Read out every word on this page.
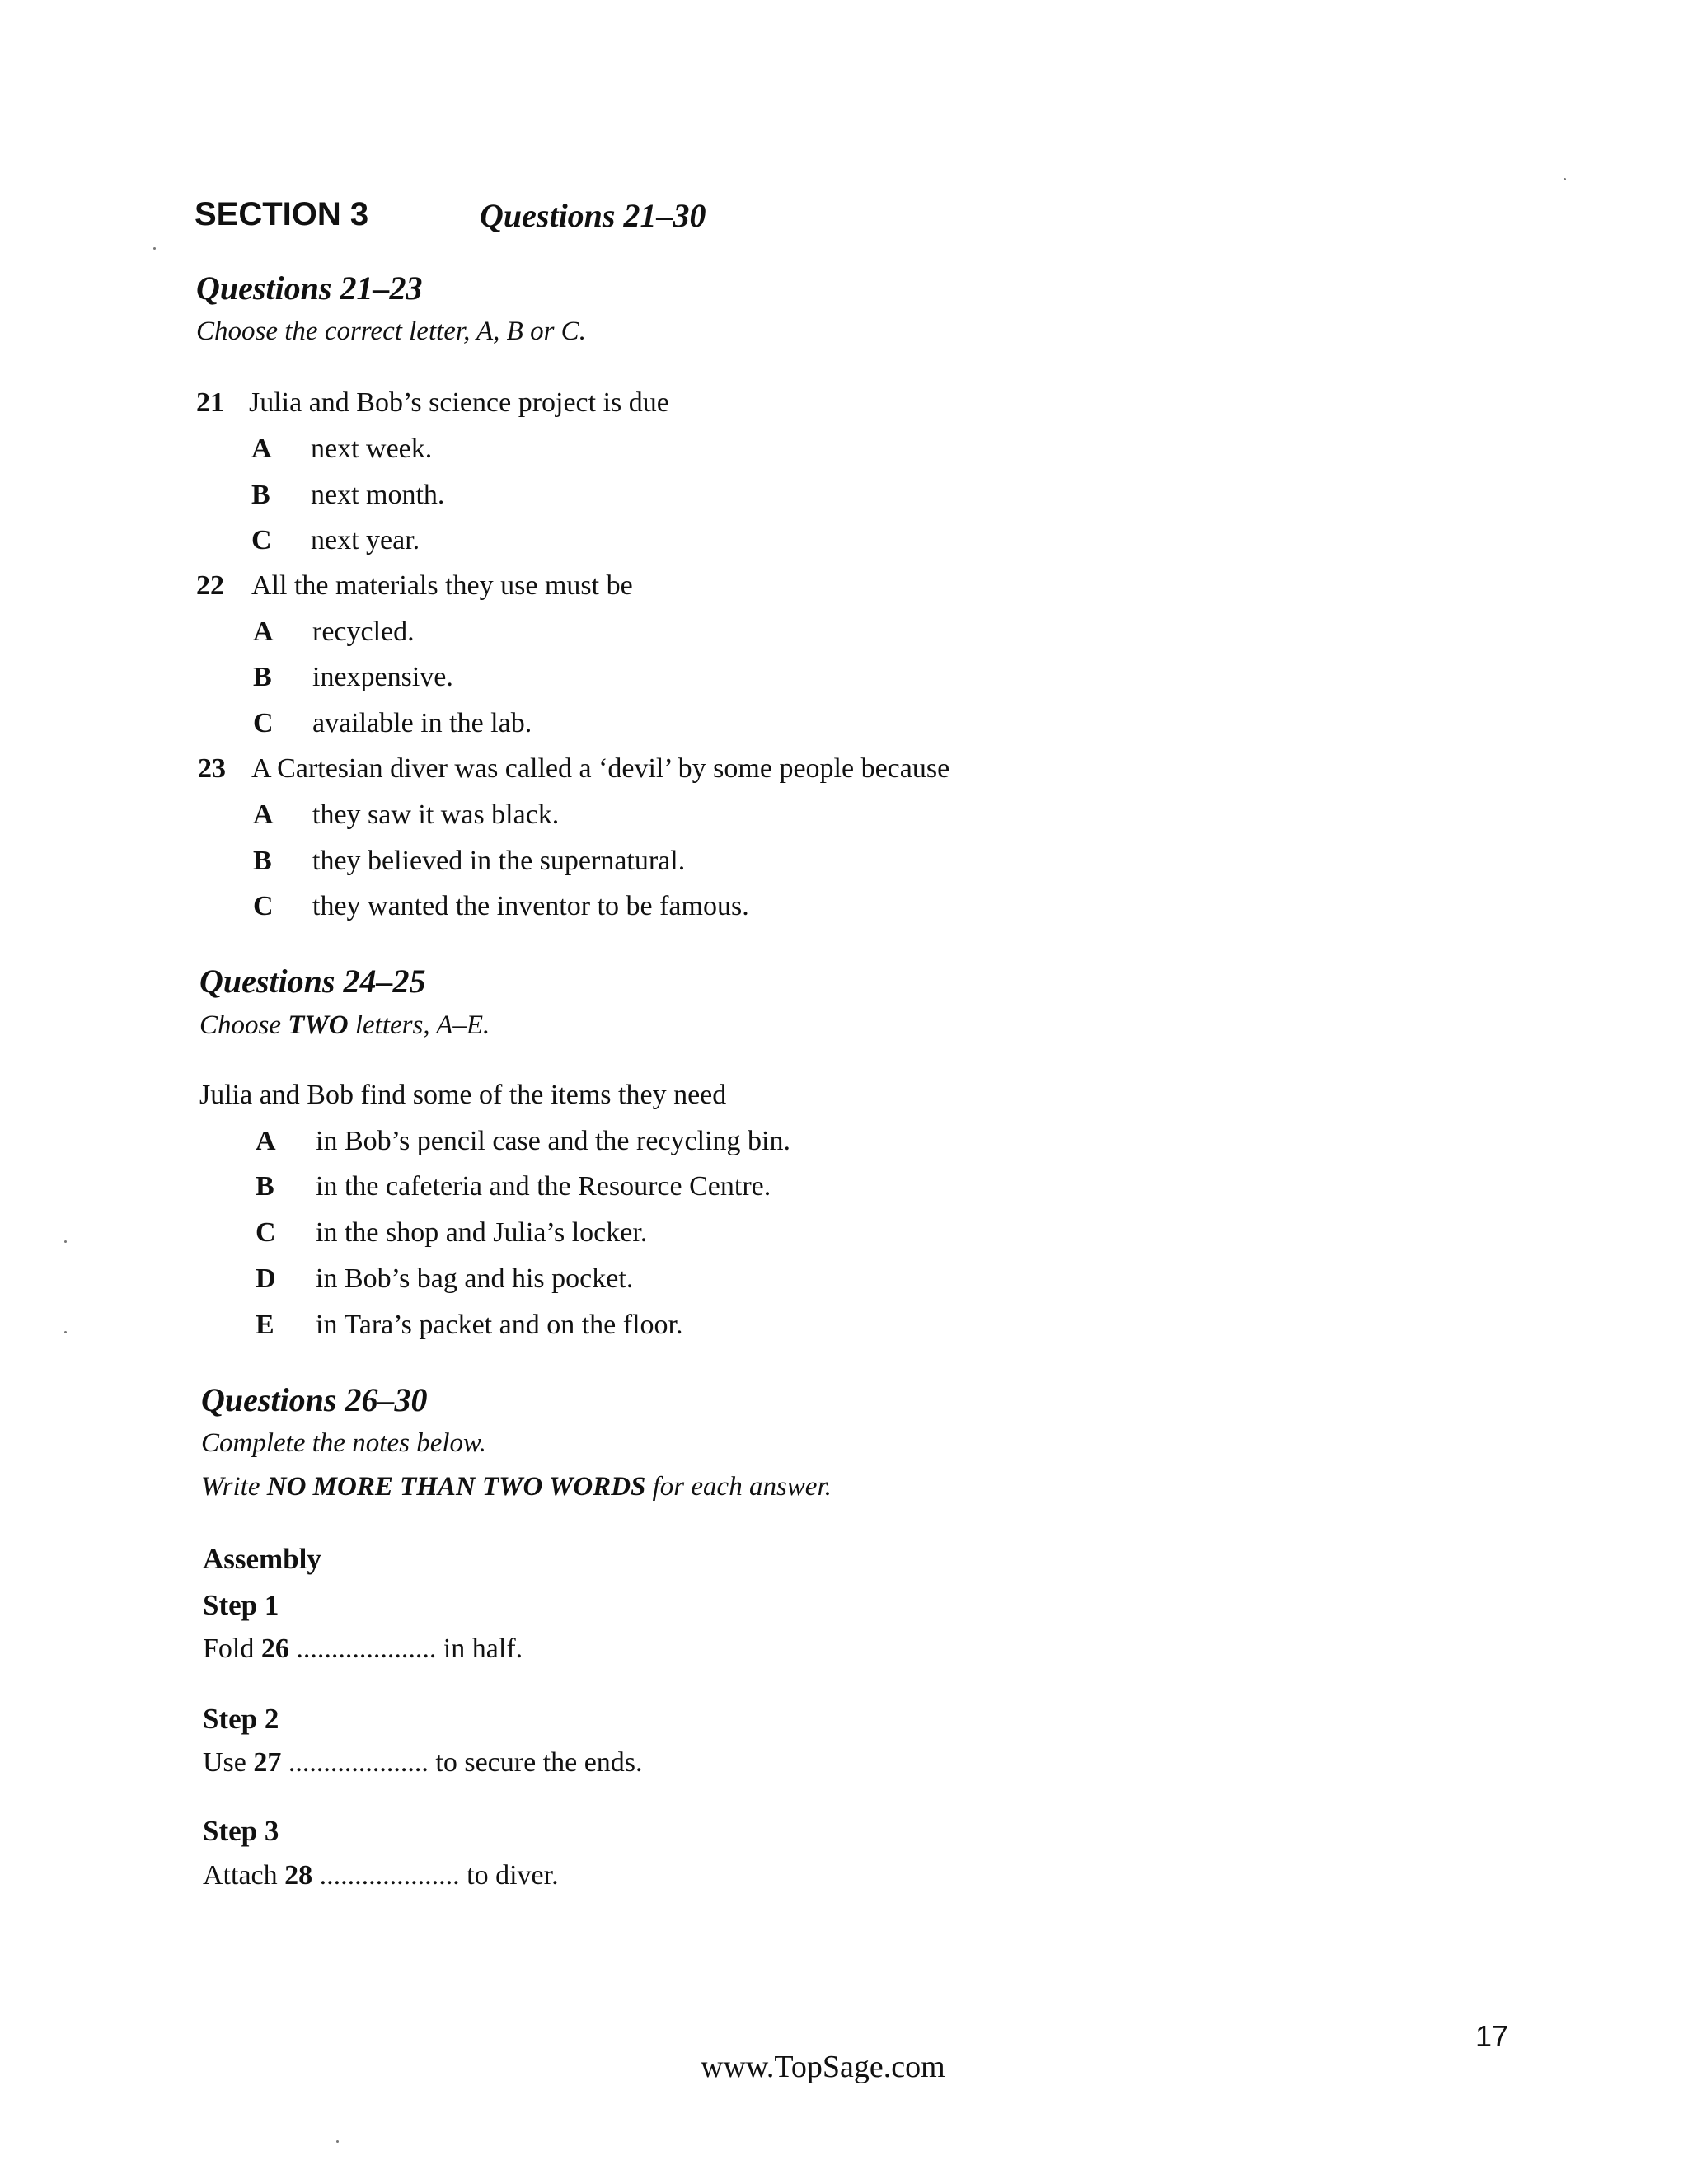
SECTION 3	Questions 21–30
Questions 21–23
Choose the correct letter, A, B or C.
21 Julia and Bob’s science project is due
A next week.
B next month.
C next year.
22 All the materials they use must be
A recycled.
B inexpensive.
C available in the lab.
23 A Cartesian diver was called a ‘devil’ by some people because
A they saw it was black.
B they believed in the supernatural.
C they wanted the inventor to be famous.
Questions 24–25
Choose TWO letters, A–E.
Julia and Bob find some of the items they need
A in Bob’s pencil case and the recycling bin.
B in the cafeteria and the Resource Centre.
C in the shop and Julia’s locker.
D in Bob’s bag and his pocket.
E in Tara’s packet and on the floor.
Questions 26–30
Complete the notes below.
Write NO MORE THAN TWO WORDS for each answer.
Assembly
Step 1
Fold 26 .................... in half.
Step 2
Use 27 .................... to secure the ends.
Step 3
Attach 28 .................... to diver.
17
www.TopSage.com
